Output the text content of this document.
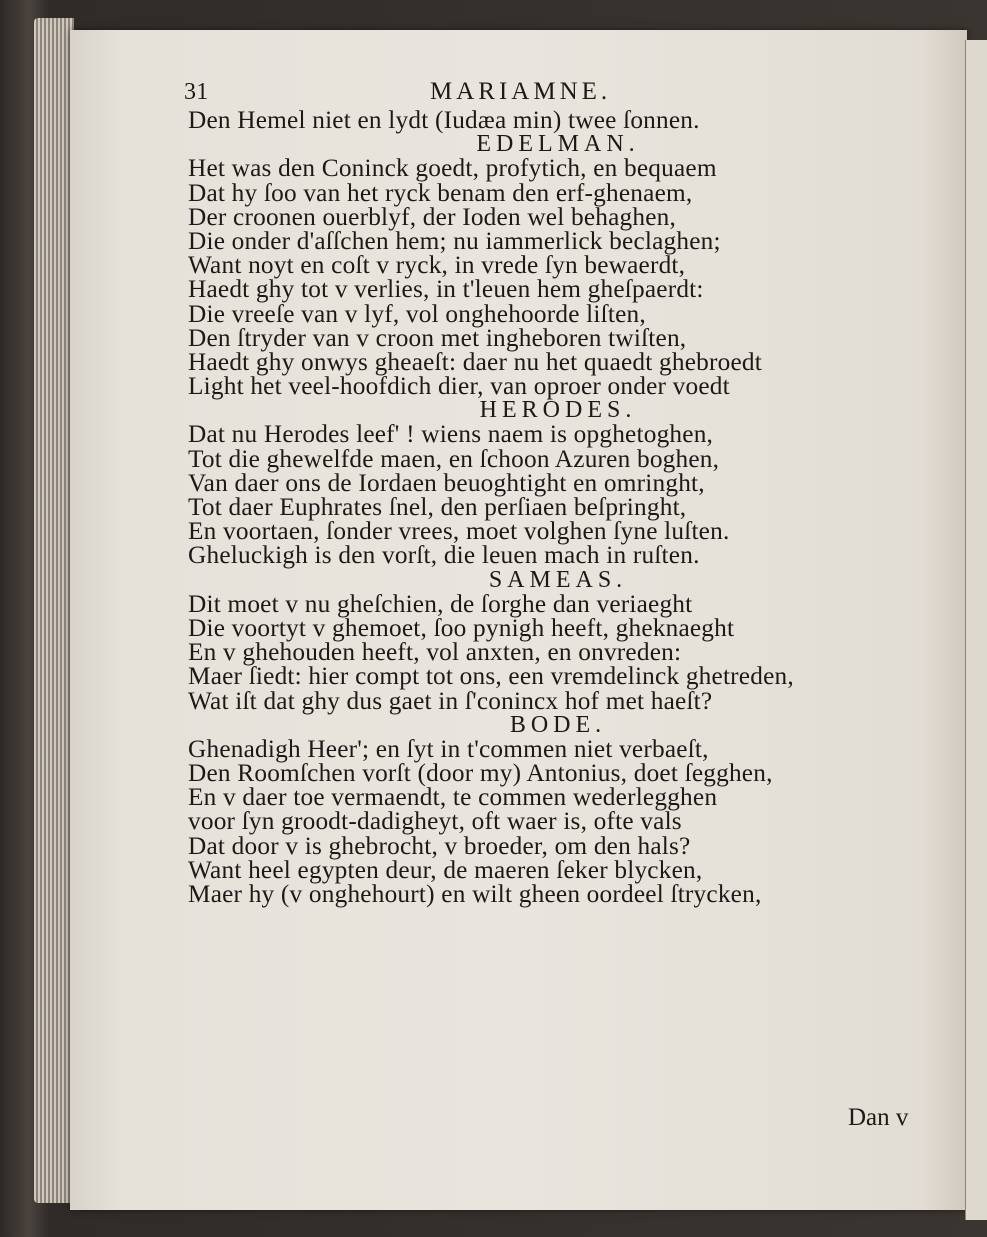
31	MARIAMNE.
Den Hemel niet en lydt (Iudæa min) twee ſonnen.
EDELMAN.
Het was den Coninck goedt, profytich, en bequaem
Dat hy ſoo van het ryck benam den erf-ghenaem,
Der croonen ouerblyf, der Ioden wel behaghen,
Die onder d'aſſchen hem; nu iammerlick beclaghen;
Want noyt en coſt v ryck, in vrede ſyn bewaerdt,
Haedt ghy tot v verlies, in t'leuen hem gheſpaerdt:
Die vreeſe van v lyf, vol onghehoorde liſten,
Den ſtryder van v croon met ingheboren twiſten,
Haedt ghy onwys gheaeſt: daer nu het quaedt ghebroedt
Light het veel-hoofdich dier, van oproer onder voedt
HERODES.
Dat nu Herodes leef' ! wiens naem is opghetoghen,
Tot die ghewelfde maen, en ſchoon Azuren boghen,
Van daer ons de Iordaen beuoghtight en omringht,
Tot daer Euphrates ſnel, den perſiaen beſpringht,
En voortaen, ſonder vrees, moet volghen ſyne luſten.
Gheluckigh is den vorſt, die leuen mach in ruſten.
SAMEAS.
Dit moet v nu gheſchien, de ſorghe dan veriaeght
Die voortyt v ghemoet, ſoo pynigh heeft, gheknaeght
En v ghehouden heeft, vol anxten, en onvreden:
Maer ſiedt: hier compt tot ons, een vremdelinck ghetreden,
Wat iſt dat ghy dus gaet in ſ'conincx hof met haeſt?
BODE.
Ghenadigh Heer'; en ſyt in t'commen niet verbaeſt,
Den Roomſchen vorſt (door my) Antonius, doet ſegghen,
En v daer toe vermaendt, te commen wederlegghen
voor ſyn groodt-dadigheyt, oft waer is, ofte vals
Dat door v is ghebrocht, v broeder, om den hals?
Want heel egypten deur, de maeren ſeker blycken,
Maer hy (v onghehourt) en wilt gheen oordeel ſtrycken,
Dan v
